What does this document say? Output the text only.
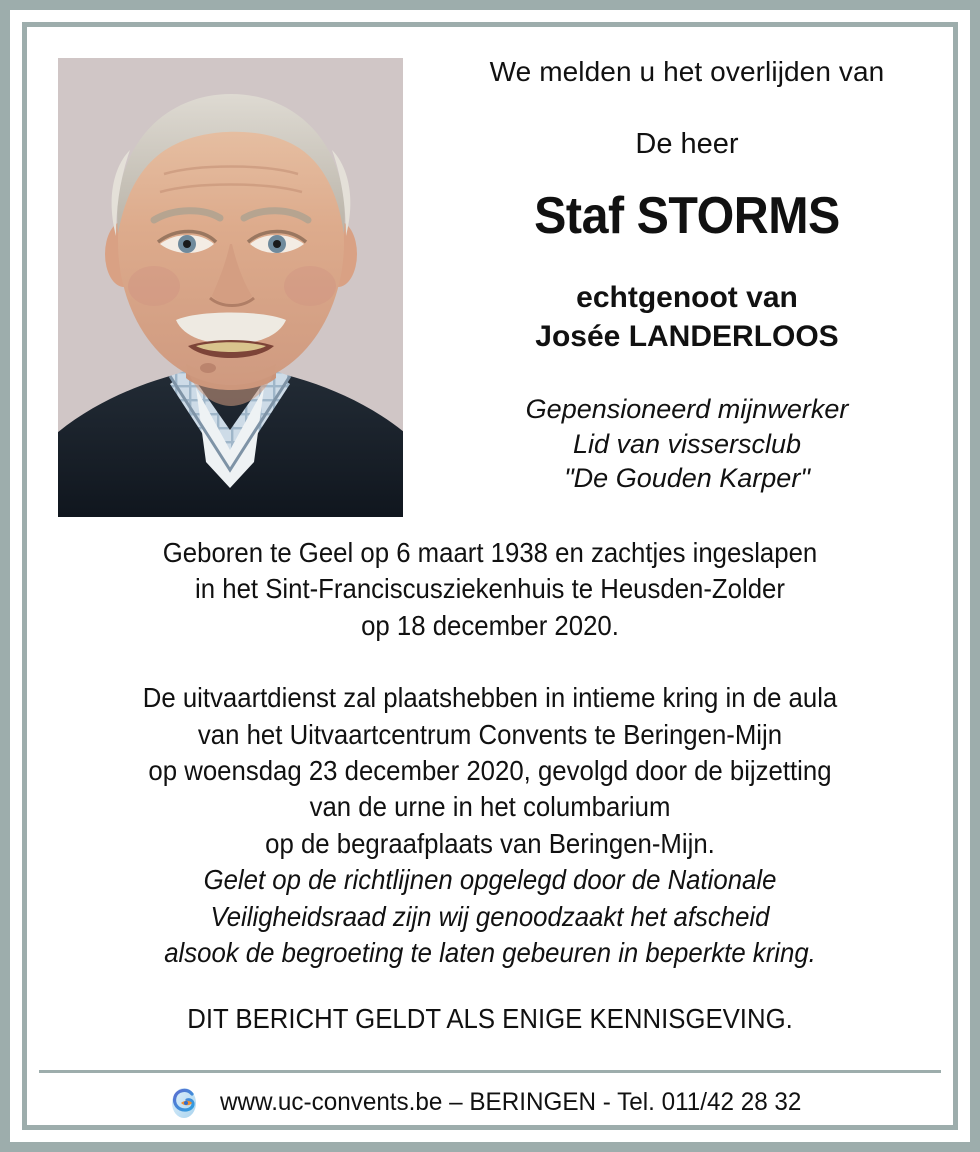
We melden u het overlijden van
De heer
Staf STORMS
echtgenoot van
Josée LANDERLOOS
Gepensioneerd mijnwerker
Lid van vissersclub
"De Gouden Karper"
Geboren te Geel op 6 maart 1938 en zachtjes ingeslapen
in het Sint-Franciscusziekenhuis te Heusden-Zolder
op 18 december 2020.
De uitvaartdienst zal plaatshebben in intieme kring in de aula
van het Uitvaartcentrum Convents te Beringen-Mijn
op woensdag 23 december 2020, gevolgd door de bijzetting
van de urne in het columbarium
op de begraafplaats van Beringen-Mijn.
Gelet op de richtlijnen opgelegd door de Nationale
Veiligheidsraad zijn wij genoodzaakt het afscheid
alsook de begroeting te laten gebeuren in beperkte kring.
DIT BERICHT GELDT ALS ENIGE KENNISGEVING.
www.uc-convents.be – BERINGEN - Tel. 011/42 28 32
